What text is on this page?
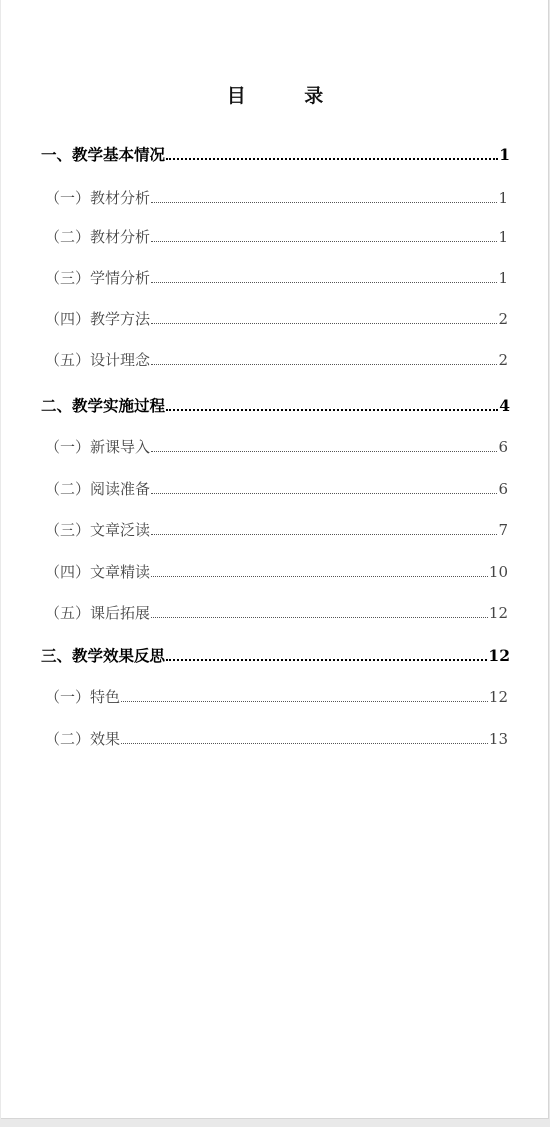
目 录
一、教学基本情况	1
（一）教材分析	1
（二）教材分析	1
（三）学情分析	1
（四）教学方法	2
（五）设计理念	2
二、教学实施过程	4
（一）新课导入	6
（二）阅读准备	6
（三）文章泛读	7
（四）文章精读	10
（五）课后拓展	12
三、教学效果反思	12
（一）特色	12
（二）效果	13
